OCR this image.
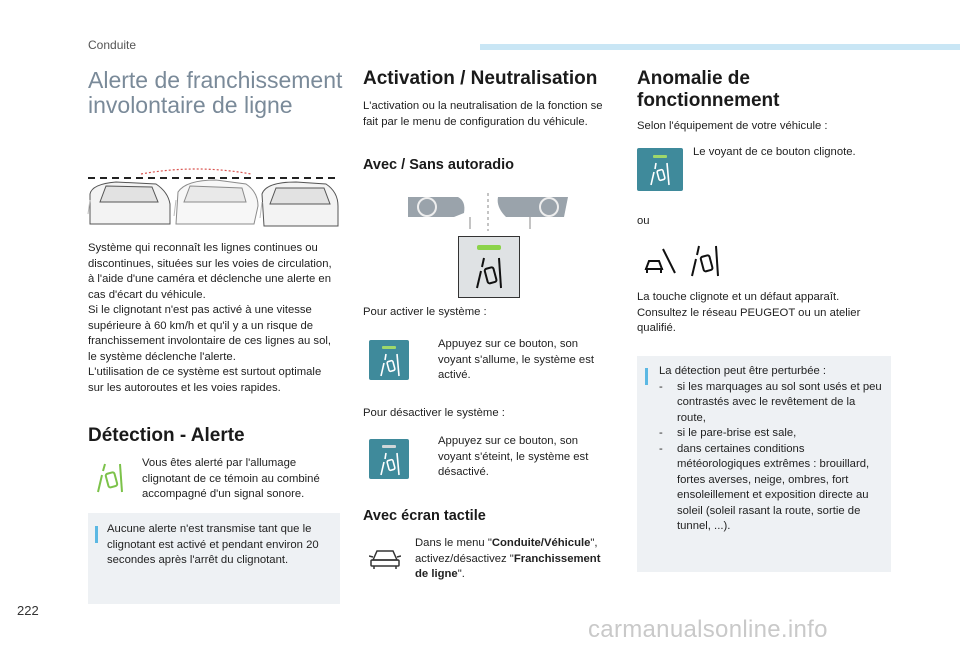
Conduite
Alerte de franchissement involontaire de ligne

Système qui reconnaît les lignes continues ou discontinues, situées sur les voies de circulation, à l'aide d'une caméra et déclenche une alerte en cas d'écart du véhicule.
Si le clignotant n'est pas activé à une vitesse supérieure à 60 km/h et qu'il y a un risque de franchissement involontaire de ces lignes au sol, le système déclenche l'alerte.
L'utilisation de ce système est surtout optimale sur les autoroutes et les voies rapides.

Détection - Alerte

Vous êtes alerté par l'allumage clignotant de ce témoin au combiné accompagné d'un signal sonore.

Aucune alerte n'est transmise tant que le clignotant est activé et pendant environ 20 secondes après l'arrêt du clignotant.

Activation / Neutralisation

L'activation ou la neutralisation de la fonction se fait par le menu de configuration du véhicule.

Avec / Sans autoradio

Pour activer le système :

Appuyez sur ce bouton, son voyant s'allume, le système est activé.

Pour désactiver le système :

Appuyez sur ce bouton, son voyant s'éteint, le système est désactivé.

Avec écran tactile

Dans le menu "Conduite/Véhicule", activez/désactivez "Franchissement de ligne".

Anomalie de fonctionnement

Selon l'équipement de votre véhicule :

Le voyant de ce bouton clignote.

ou

La touche clignote et un défaut apparaît. Consultez le réseau PEUGEOT ou un atelier qualifié.

La détection peut être perturbée :

-	si les marquages au sol sont usés et peu contrastés avec le revêtement de la route,
-	si le pare-brise est sale,
-	dans certaines conditions météorologiques extrêmes : brouillard, fortes averses, neige, ombres, fort ensoleillement et exposition directe au soleil (soleil rasant la route, sortie de tunnel, ...).
222
carmanualsonline.info
